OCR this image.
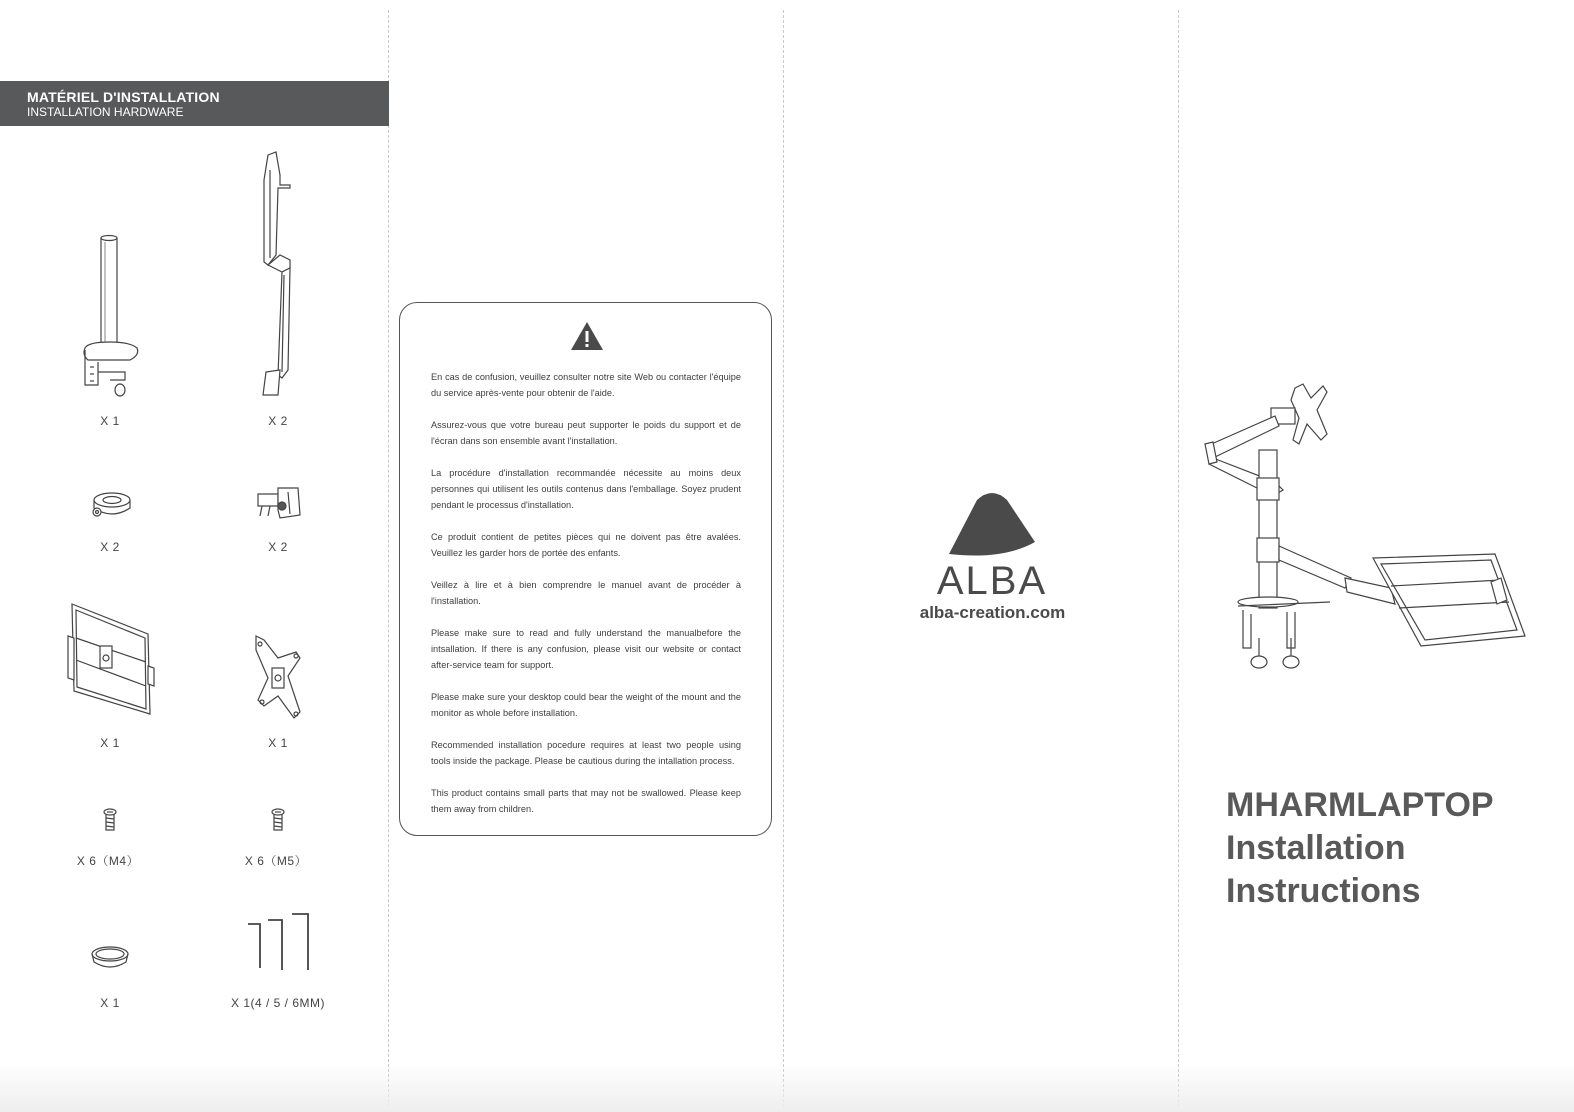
MATÉRIEL D'INSTALLATION
INSTALLATION HARDWARE
X 1	X 2
X 2	X 2
X 1	X 1
X 6（M4）	X 6（M5）
X 1	X 1(4 / 5 / 6MM)

En cas de confusion, veuillez consulter notre site Web ou contacter l'équipe du service après-vente pour obtenir de l'aide.

Assurez-vous que votre bureau peut supporter le poids du support et de l'écran dans son ensemble avant l'installation.

La procédure d'installation recommandée nécessite au moins deux personnes qui utilisent les outils contenus dans l'emballage. Soyez prudent pendant le processus d'installation.

Ce produit contient de petites pièces qui ne doivent pas être avalées. Veuillez les garder hors de portée des enfants.

Veillez à lire et à bien comprendre le manuel avant de procéder à l'installation.

Please make sure to read and fully understand the manualbefore the intsallation. If there is any confusion, please visit our website or contact after-service team for support.

Please make sure your desktop could bear the weight of the mount and the monitor as whole before installation.

Recommended installation pocedure requires at least two people using tools inside the package. Please be cautious during the intallation process.

This product contains small parts that may not be swallowed. Please keep them away from children.

ALBA
alba-creation.com
MHARMLAPTOP
Installation
Instructions
